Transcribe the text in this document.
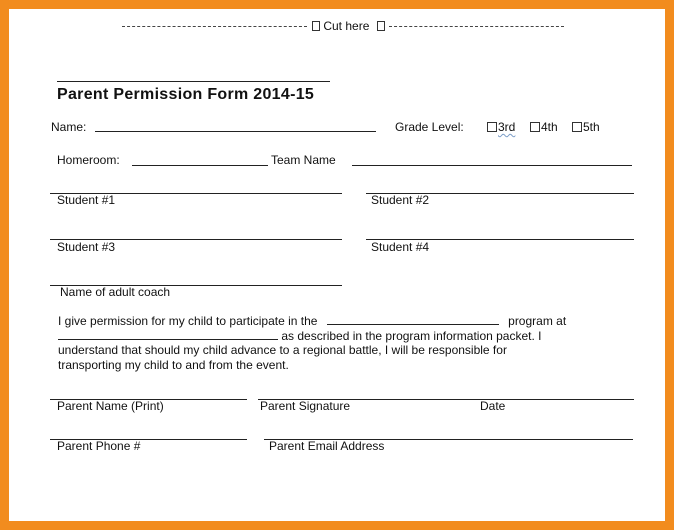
Cut here
Parent Permission Form 2014-15
Name:	Grade Level:	3rd	4th	5th
Homeroom:	Team Name
Student #1	Student #2
Student #3	Student #4
Name of adult coach
I give permission for my child to participate in the	program at
as described in the program information packet. I
understand that should my child advance to a regional battle, I will be responsible for
transporting my child to and from the event.
Parent Name (Print)	Parent Signature	Date
Parent Phone #	Parent Email Address
